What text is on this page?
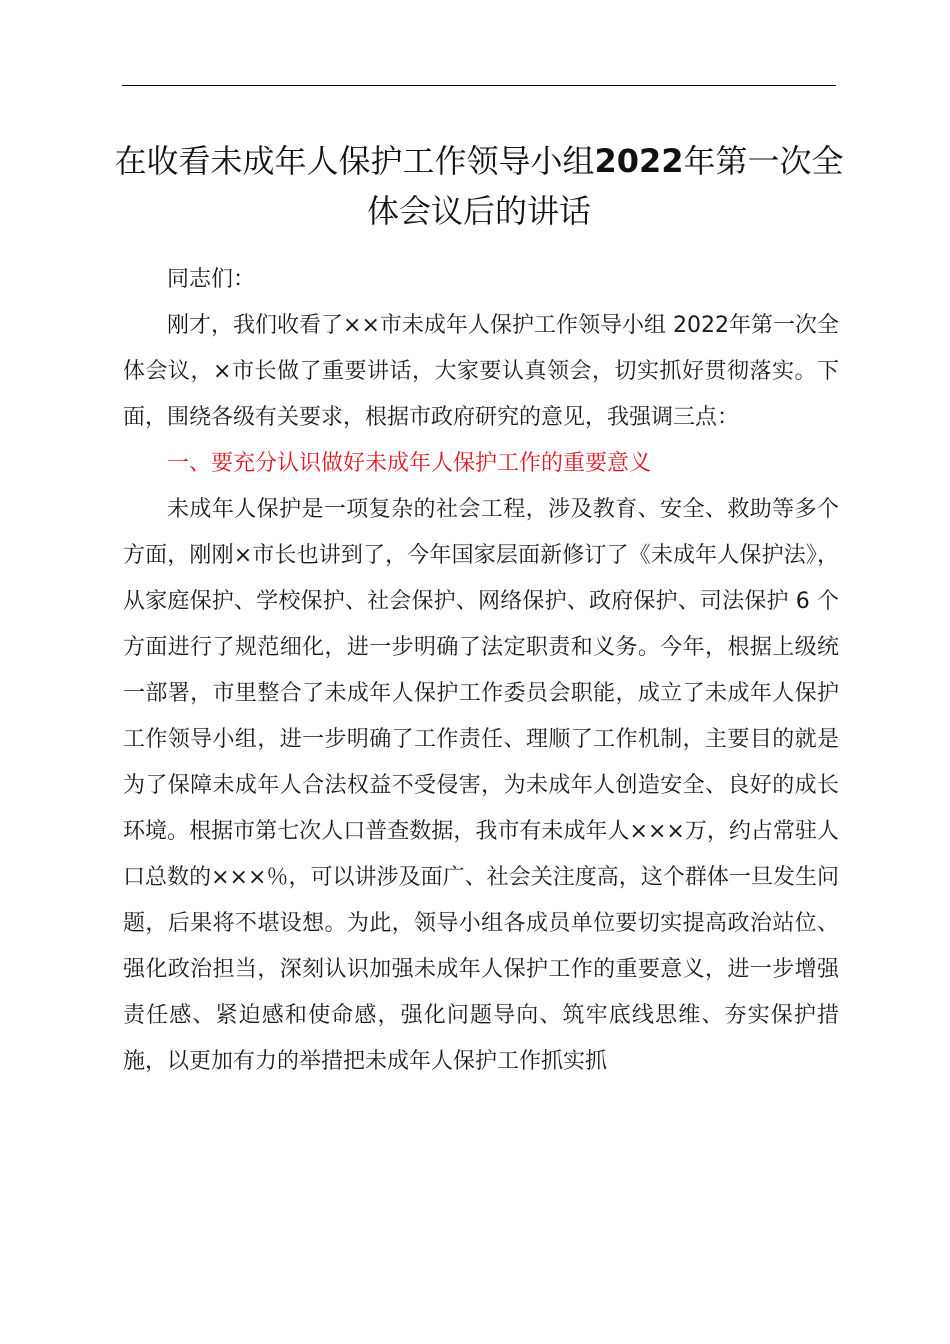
在收看未成年人保护工作领导小组2022年第一次全体会议后的讲话

同志们：

刚才，我们收看了××市未成年人保护工作领导小组 2022年第一次全体会议，×市长做了重要讲话，大家要认真领会，切实抓好贯彻落实。下面，围绕各级有关要求，根据市政府研究的意见，我强调三点：

一、要充分认识做好未成年人保护工作的重要意义

未成年人保护是一项复杂的社会工程，涉及教育、安全、救助等多个方面，刚刚×市长也讲到了，今年国家层面新修订了《未成年人保护法》，从家庭保护、学校保护、社会保护、网络保护、政府保护、司法保护 6 个方面进行了规范细化，进一步明确了法定职责和义务。今年，根据上级统一部署，市里整合了未成年人保护工作委员会职能，成立了未成年人保护工作领导小组，进一步明确了工作责任、理顺了工作机制，主要目的就是为了保障未成年人合法权益不受侵害，为未成年人创造安全、良好的成长环境。根据市第七次人口普查数据，我市有未成年人×××万，约占常驻人口总数的×××％，可以讲涉及面广、社会关注度高，这个群体一旦发生问题，后果将不堪设想。为此，领导小组各成员单位要切实提高政治站位、强化政治担当，深刻认识加强未成年人保护工作的重要意义，进一步增强责任感、紧迫感和使命感，强化问题导向、筑牢底线思维、夯实保护措施，以更加有力的举措把未成年人保护工作抓实抓
